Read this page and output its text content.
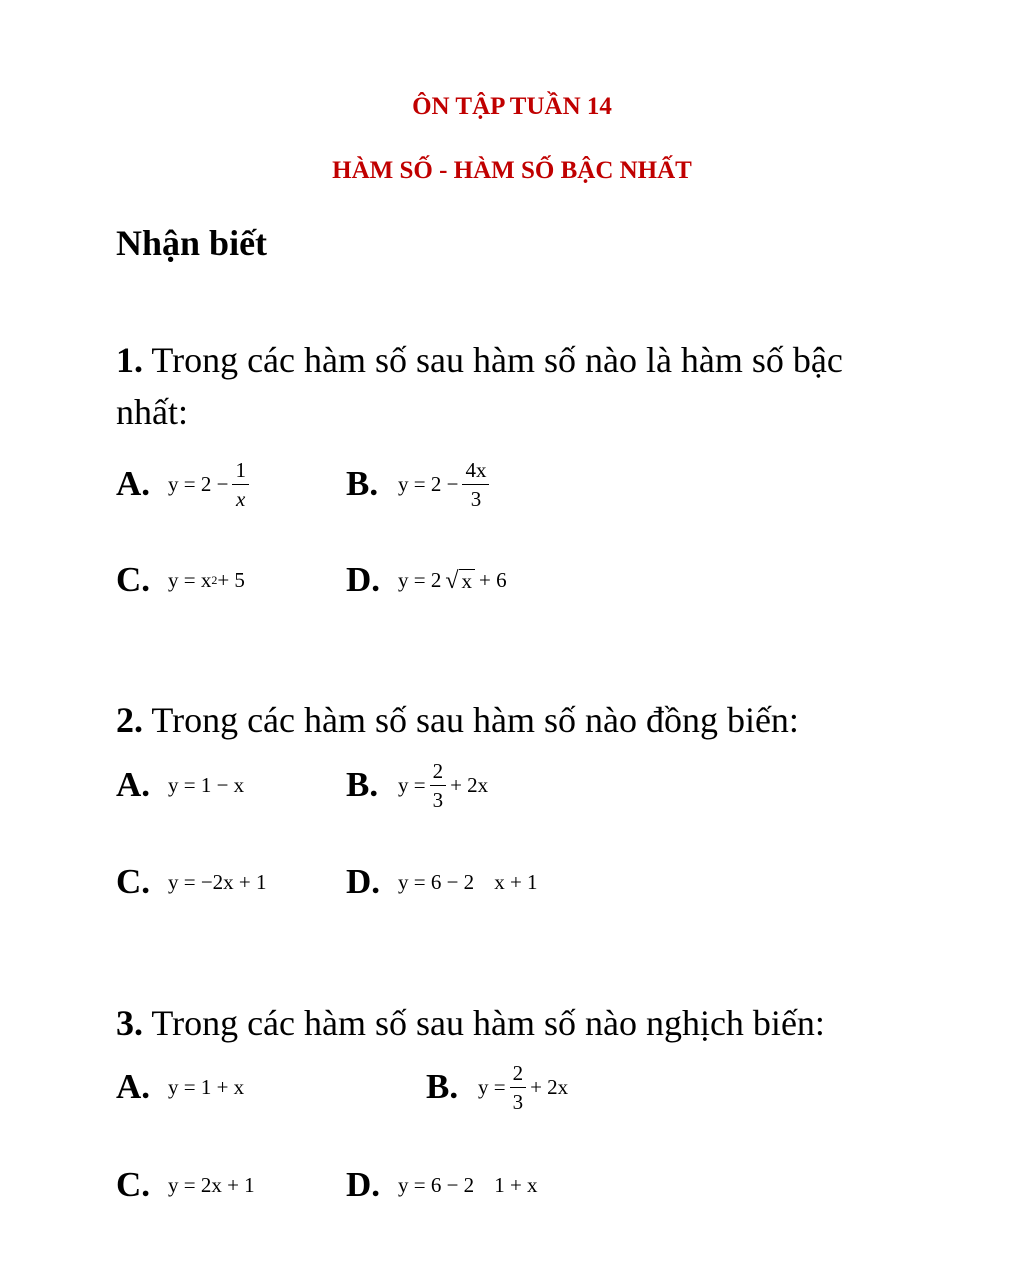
ÔN TẬP TUẦN 14
HÀM SỐ - HÀM SỐ BẬC NHẤT
Nhận biết
1. Trong các hàm số sau hàm số nào là hàm số bậc nhất:
A. $y = 2 - \frac{1}{x}$	B. $y = 2 - \frac{4x}{3}$
C. y = x 2 + 5	D. y = 2 √ x + 6
2. Trong các hàm số sau hàm số nào đồng biến:
A. y = 1 − x	B. $y = \frac{2}{3} + 2x$
C. y = −2x + 1 D. y = 6 − 2 x + 1
3. Trong các hàm số sau hàm số nào nghịch biến:
A. y = 1 + x	B. $y = \frac{2}{3} + 2x$
C. y = 2x + 1	D. y = 6 − 2 1 + x
